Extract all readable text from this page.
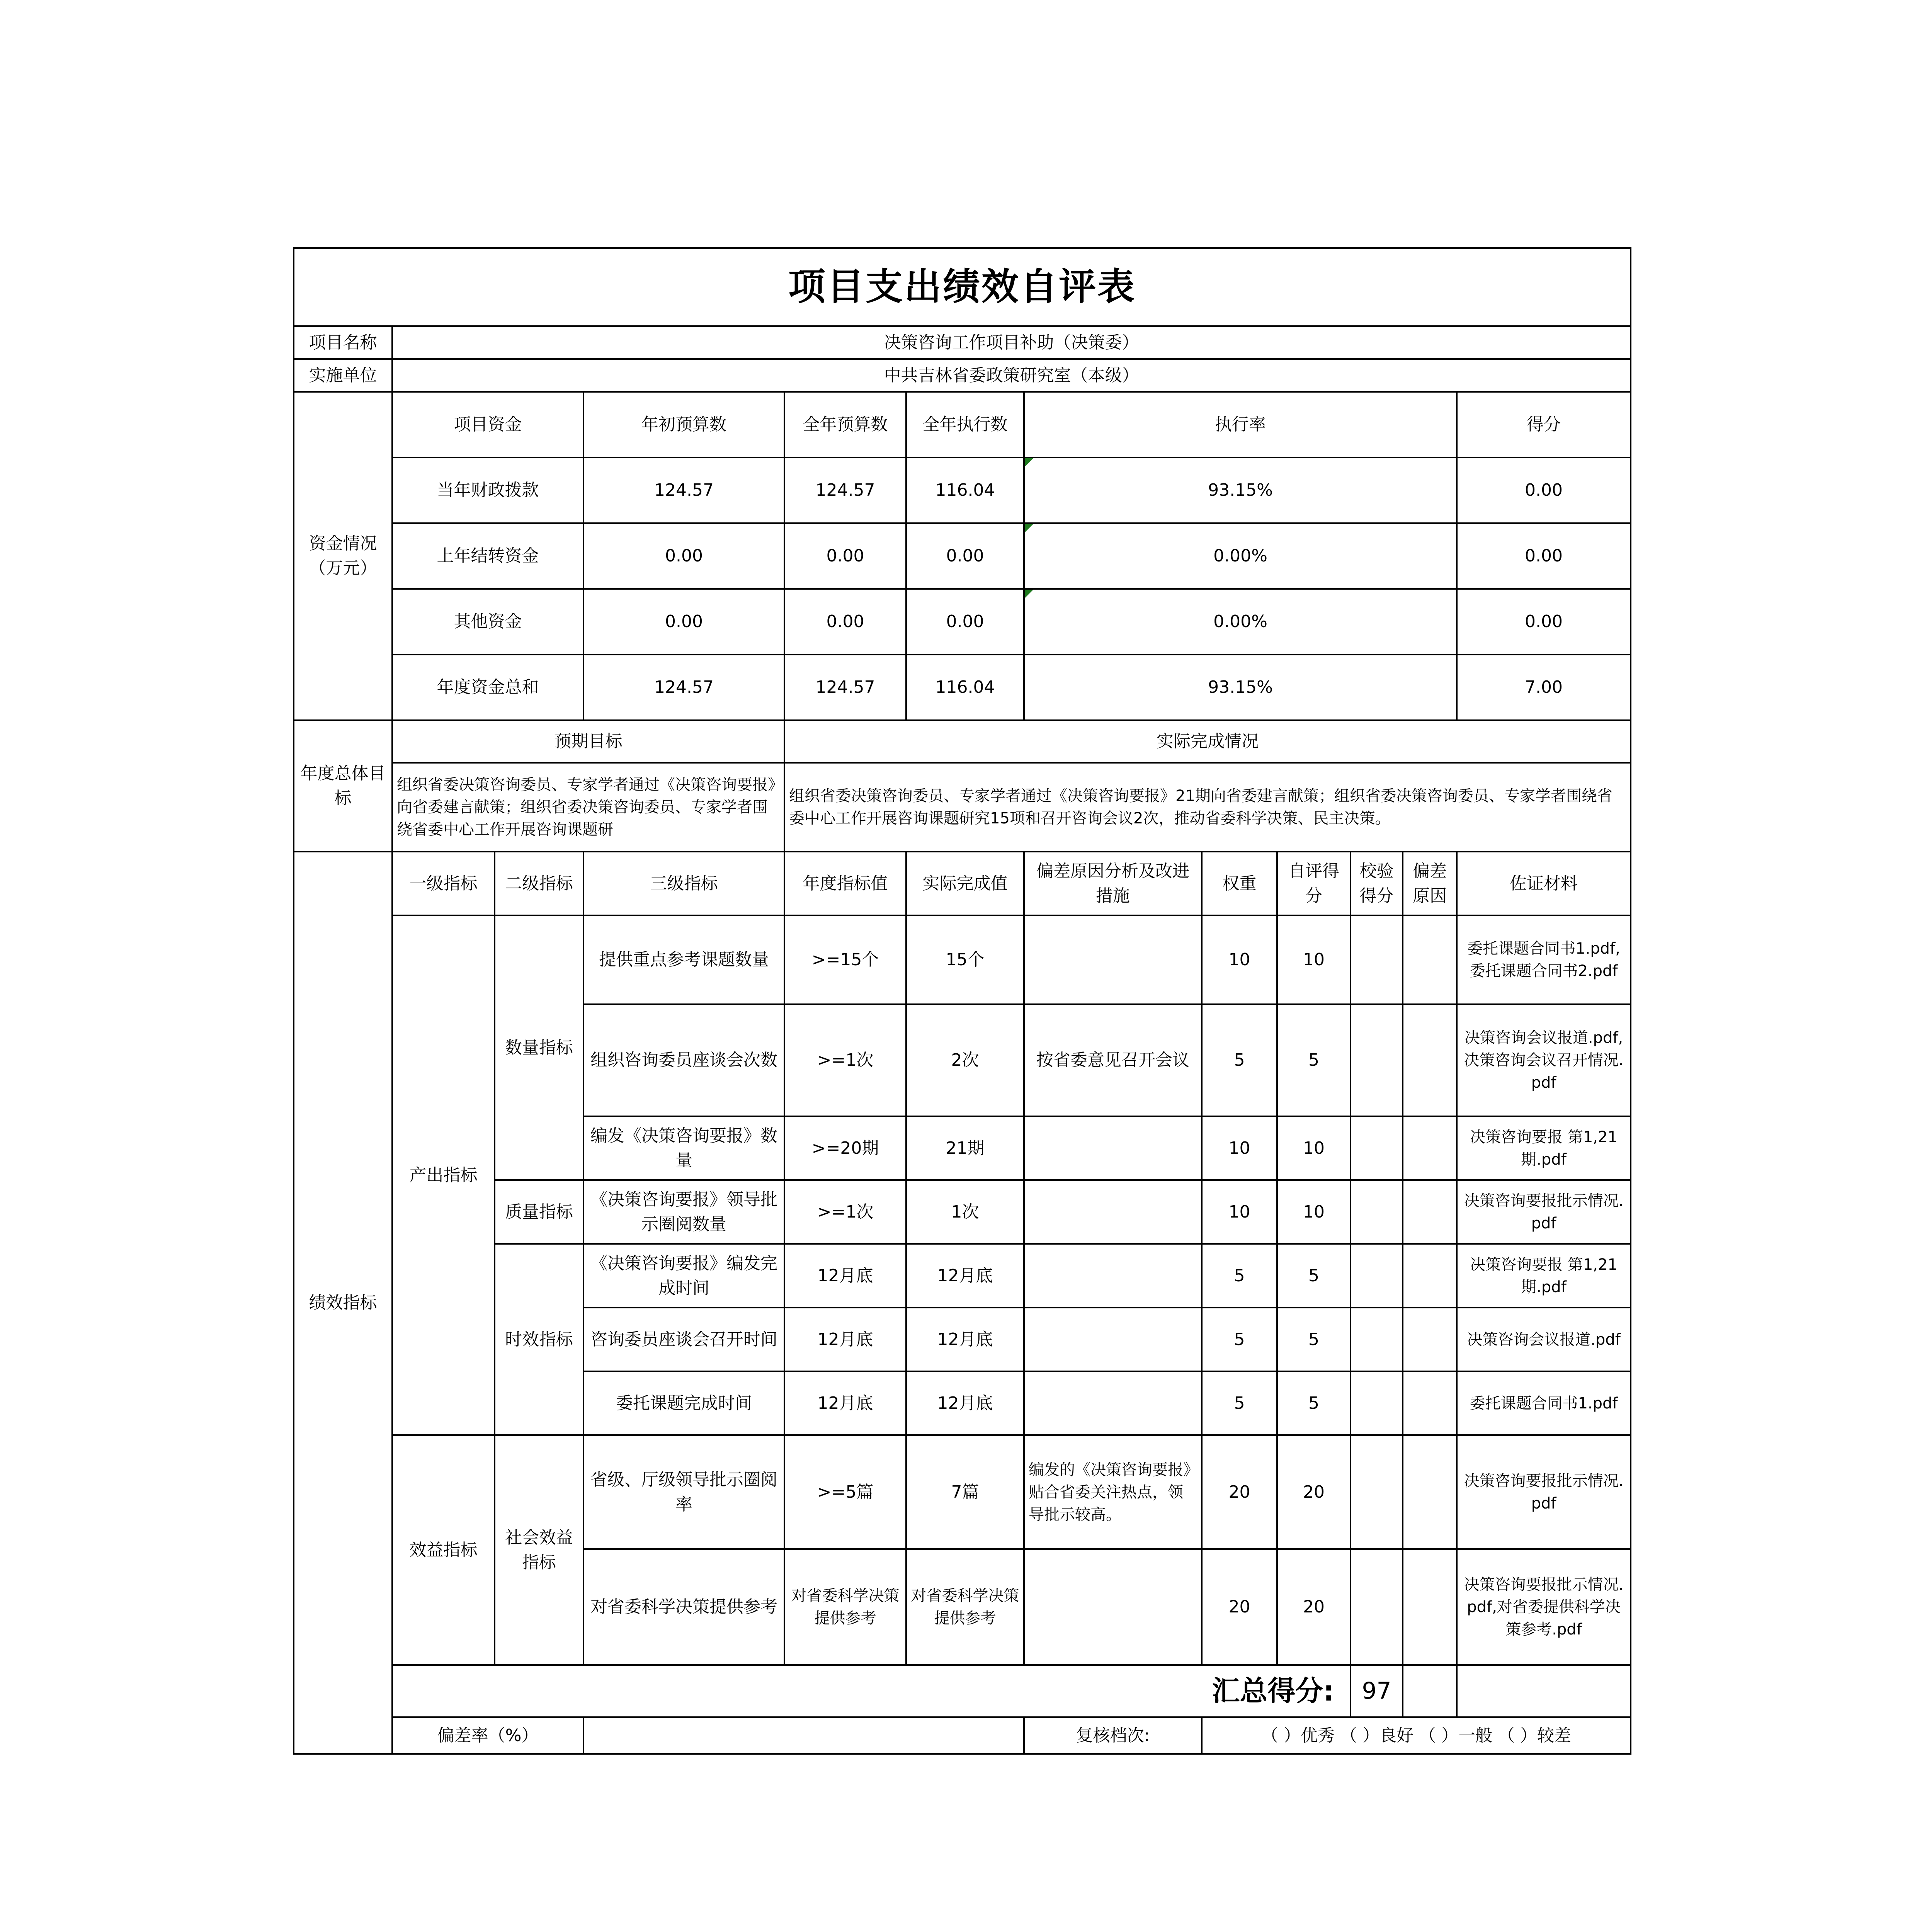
项目支出绩效自评表												
项目名称	决策咨询工作项目补助（决策委）											
实施单位	中共吉林省委政策研究室（本级）											
资金情况（万元）	项目资金		年初预算数	全年预算数	全年执行数	执行率					得分	
	当年财政拨款		124.57	124.57	116.04	93.15%					0.00	
	上年结转资金		0.00	0.00	0.00	0.00%					0.00	
	其他资金		0.00	0.00	0.00	0.00%					0.00	
	年度资金总和		124.57	124.57	116.04	93.15%					7.00	
年度总体目标	预期目标			实际完成情况								
	组织省委决策咨询委员、专家学者通过《决策咨询要报》向省委建言献策；组织省委决策咨询委员、专家学者围绕省委中心工作开展咨询课题研			组织省委决策咨询委员、专家学者通过《决策咨询要报》21期向省委建言献策；组织省委决策咨询委员、专家学者围绕省委中心工作开展咨询课题研究15项和召开咨询会议2次，推动省委科学决策、民主决策。								
绩效指标	一级指标	二级指标	三级指标	年度指标值	实际完成值	偏差原因分析及改进措施	权重	自评得分	校验得分	偏差原因	佐证材料	
	产出指标	数量指标	提供重点参考课题数量	>=15个	15个		10	10			委托课题合同书1.pdf,委托课题合同书2.pdf	
			组织咨询委员座谈会次数	>=1次	2次	按省委意见召开会议	5	5			决策咨询会议报道.pdf,决策咨询会议召开情况.pdf	
			编发《决策咨询要报》数量	>=20期	21期		10	10			决策咨询要报 第1,21期.pdf	
		质量指标	《决策咨询要报》领导批示圈阅数量	>=1次	1次		10	10			决策咨询要报批示情况.pdf	
		时效指标	《决策咨询要报》编发完成时间	12月底	12月底		5	5			决策咨询要报 第1,21期.pdf	
			咨询委员座谈会召开时间	12月底	12月底		5	5			决策咨询会议报道.pdf	
			委托课题完成时间	12月底	12月底		5	5			委托课题合同书1.pdf	
	效益指标	社会效益指标	省级、厅级领导批示圈阅率	>=5篇	7篇	编发的《决策咨询要报》贴合省委关注热点，领导批示较高。	20	20			决策咨询要报批示情况.pdf	
			对省委科学决策提供参考	对省委科学决策提供参考	对省委科学决策提供参考		20	20			决策咨询要报批示情况.pdf,对省委提供科学决策参考.pdf	
	汇总得分:								97			
	偏差率（%）					复核档次:	（ ）优秀 （ ）良好 （ ）一般 （ ）较差					
